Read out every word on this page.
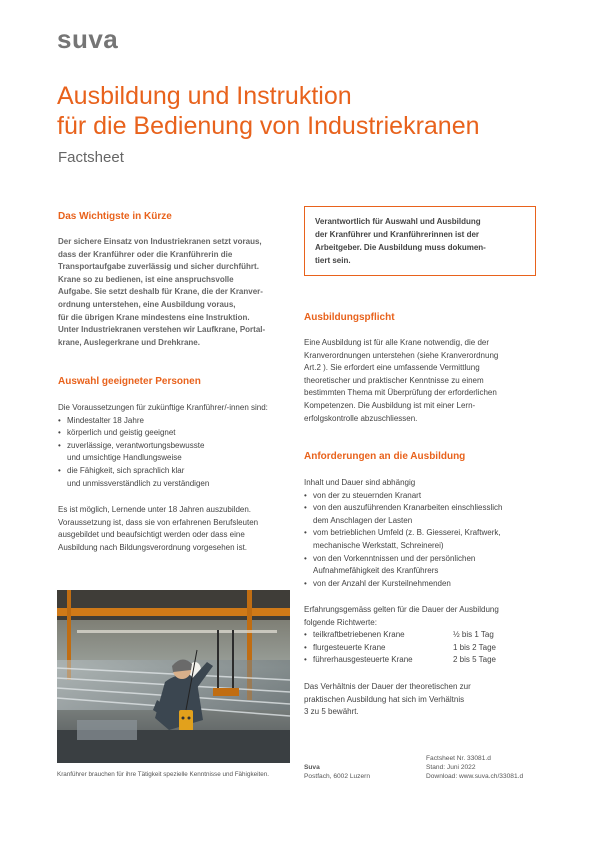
suva
Ausbildung und Instruktion
für die Bedienung von Industriekranen
Factsheet
Das Wichtigste in Kürze
Der sichere Einsatz von Industriekranen setzt voraus,
dass der Kranführer oder die Kranführerin die
Transportaufgabe zuverlässig und sicher durchführt.
Krane so zu bedienen, ist eine anspruchsvolle
Aufgabe. Sie setzt deshalb für Krane, die der Kranver-
ordnung unterstehen, eine Ausbildung voraus,
für die übrigen Krane mindestens eine Instruktion.
Unter Industriekranen verstehen wir Laufkrane, Portal-
krane, Auslegerkrane und Drehkrane.
Auswahl geeigneter Personen
Die Voraussetzungen für zukünftige Kranführer/-innen sind:
• Mindestalter 18 Jahre
• körperlich und geistig geeignet
• zuverlässige, verantwortungsbewusste
und umsichtige Handlungsweise
• die Fähigkeit, sich sprachlich klar
und unmissverständlich zu verständigen
Es ist möglich, Lernende unter 18 Jahren auszubilden.
Voraussetzung ist, dass sie von erfahrenen Berufsleuten
ausgebildet und beaufsichtigt werden oder dass eine
Ausbildung nach Bildungsverordnung vorgesehen ist.
Kranführer brauchen für ihre Tätigkeit spezielle Kenntnisse und Fähigkeiten.
Verantwortlich für Auswahl und Ausbildung
der Kranführer und Kranführerinnen ist der
Arbeitgeber. Die Ausbildung muss dokumen-
tiert sein.
Ausbildungspflicht
Eine Ausbildung ist für alle Krane notwendig, die der
Kranverordnungen unterstehen (siehe Kranverordnung
Art.2 ). Sie erfordert eine umfassende Vermittlung
theoretischer und praktischer Kenntnisse zu einem
bestimmten Thema mit Überprüfung der erforderlichen
Kompetenzen. Die Ausbildung ist mit einer Lern-
erfolgskontrolle abzuschliessen.
Anforderungen an die Ausbildung
Inhalt und Dauer sind abhängig
• von der zu steuernden Kranart
• von den auszuführenden Kranarbeiten einschliesslich
dem Anschlagen der Lasten
• vom betrieblichen Umfeld (z. B. Giesserei, Kraftwerk,
mechanische Werkstatt, Schreinerei)
• von den Vorkenntnissen und der persönlichen
Aufnahmefähigkeit des Kranführers
• von der Anzahl der Kursteilnehmenden
Erfahrungsgemäss gelten für die Dauer der Ausbildung
folgende Richtwerte:
• teilkraftbetriebenen Krane	½ bis 1 Tag
• flurgesteuerte Krane	1 bis 2 Tage
• führerhausgesteuerte Krane	2 bis 5 Tage
Das Verhältnis der Dauer der theoretischen zur
praktischen Ausbildung hat sich im Verhältnis
3 zu 5 bewährt.
Suva
Postfach, 6002 Luzern
Factsheet Nr. 33081.d
Stand: Juni 2022
Download: www.suva.ch/33081.d
